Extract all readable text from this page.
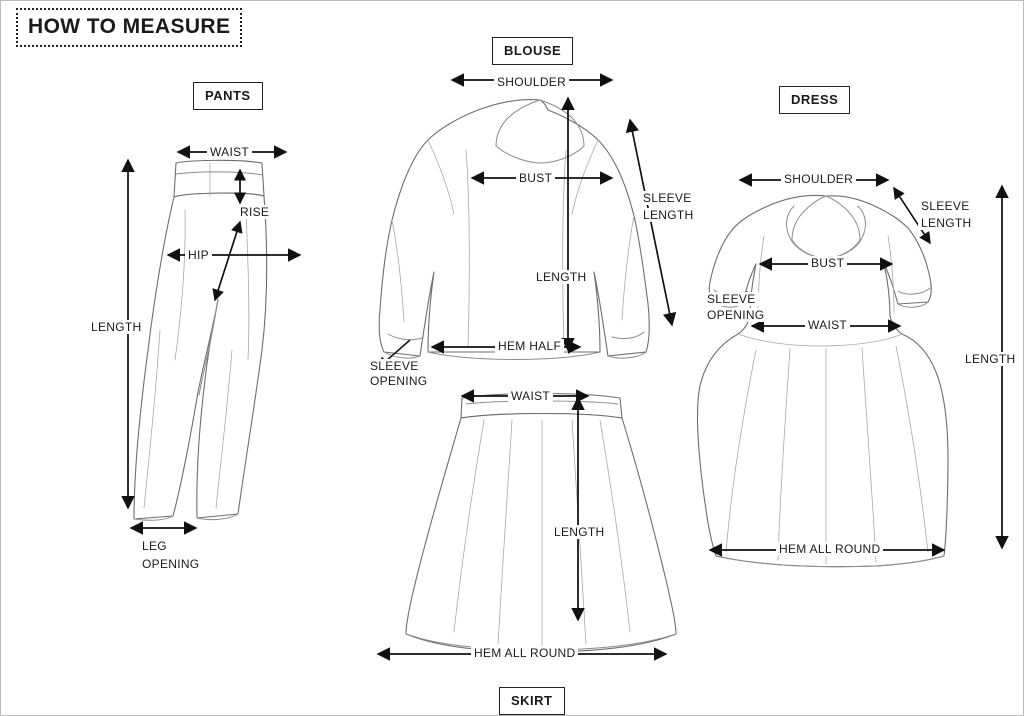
HOW TO MEASURE
PANTS
BLOUSE
DRESS
SKIRT
WAIST
RISE
HIP
LENGTH
LEG
OPENING
SHOULDER
BUST
SLEEVE
LENGTH
LENGTH
HEM HALF
SLEEVE
OPENING
WAIST
LENGTH
HEM ALL ROUND
SHOULDER
SLEEVE
LENGTH
BUST
SLEEVE
OPENING
WAIST
LENGTH
HEM ALL ROUND
